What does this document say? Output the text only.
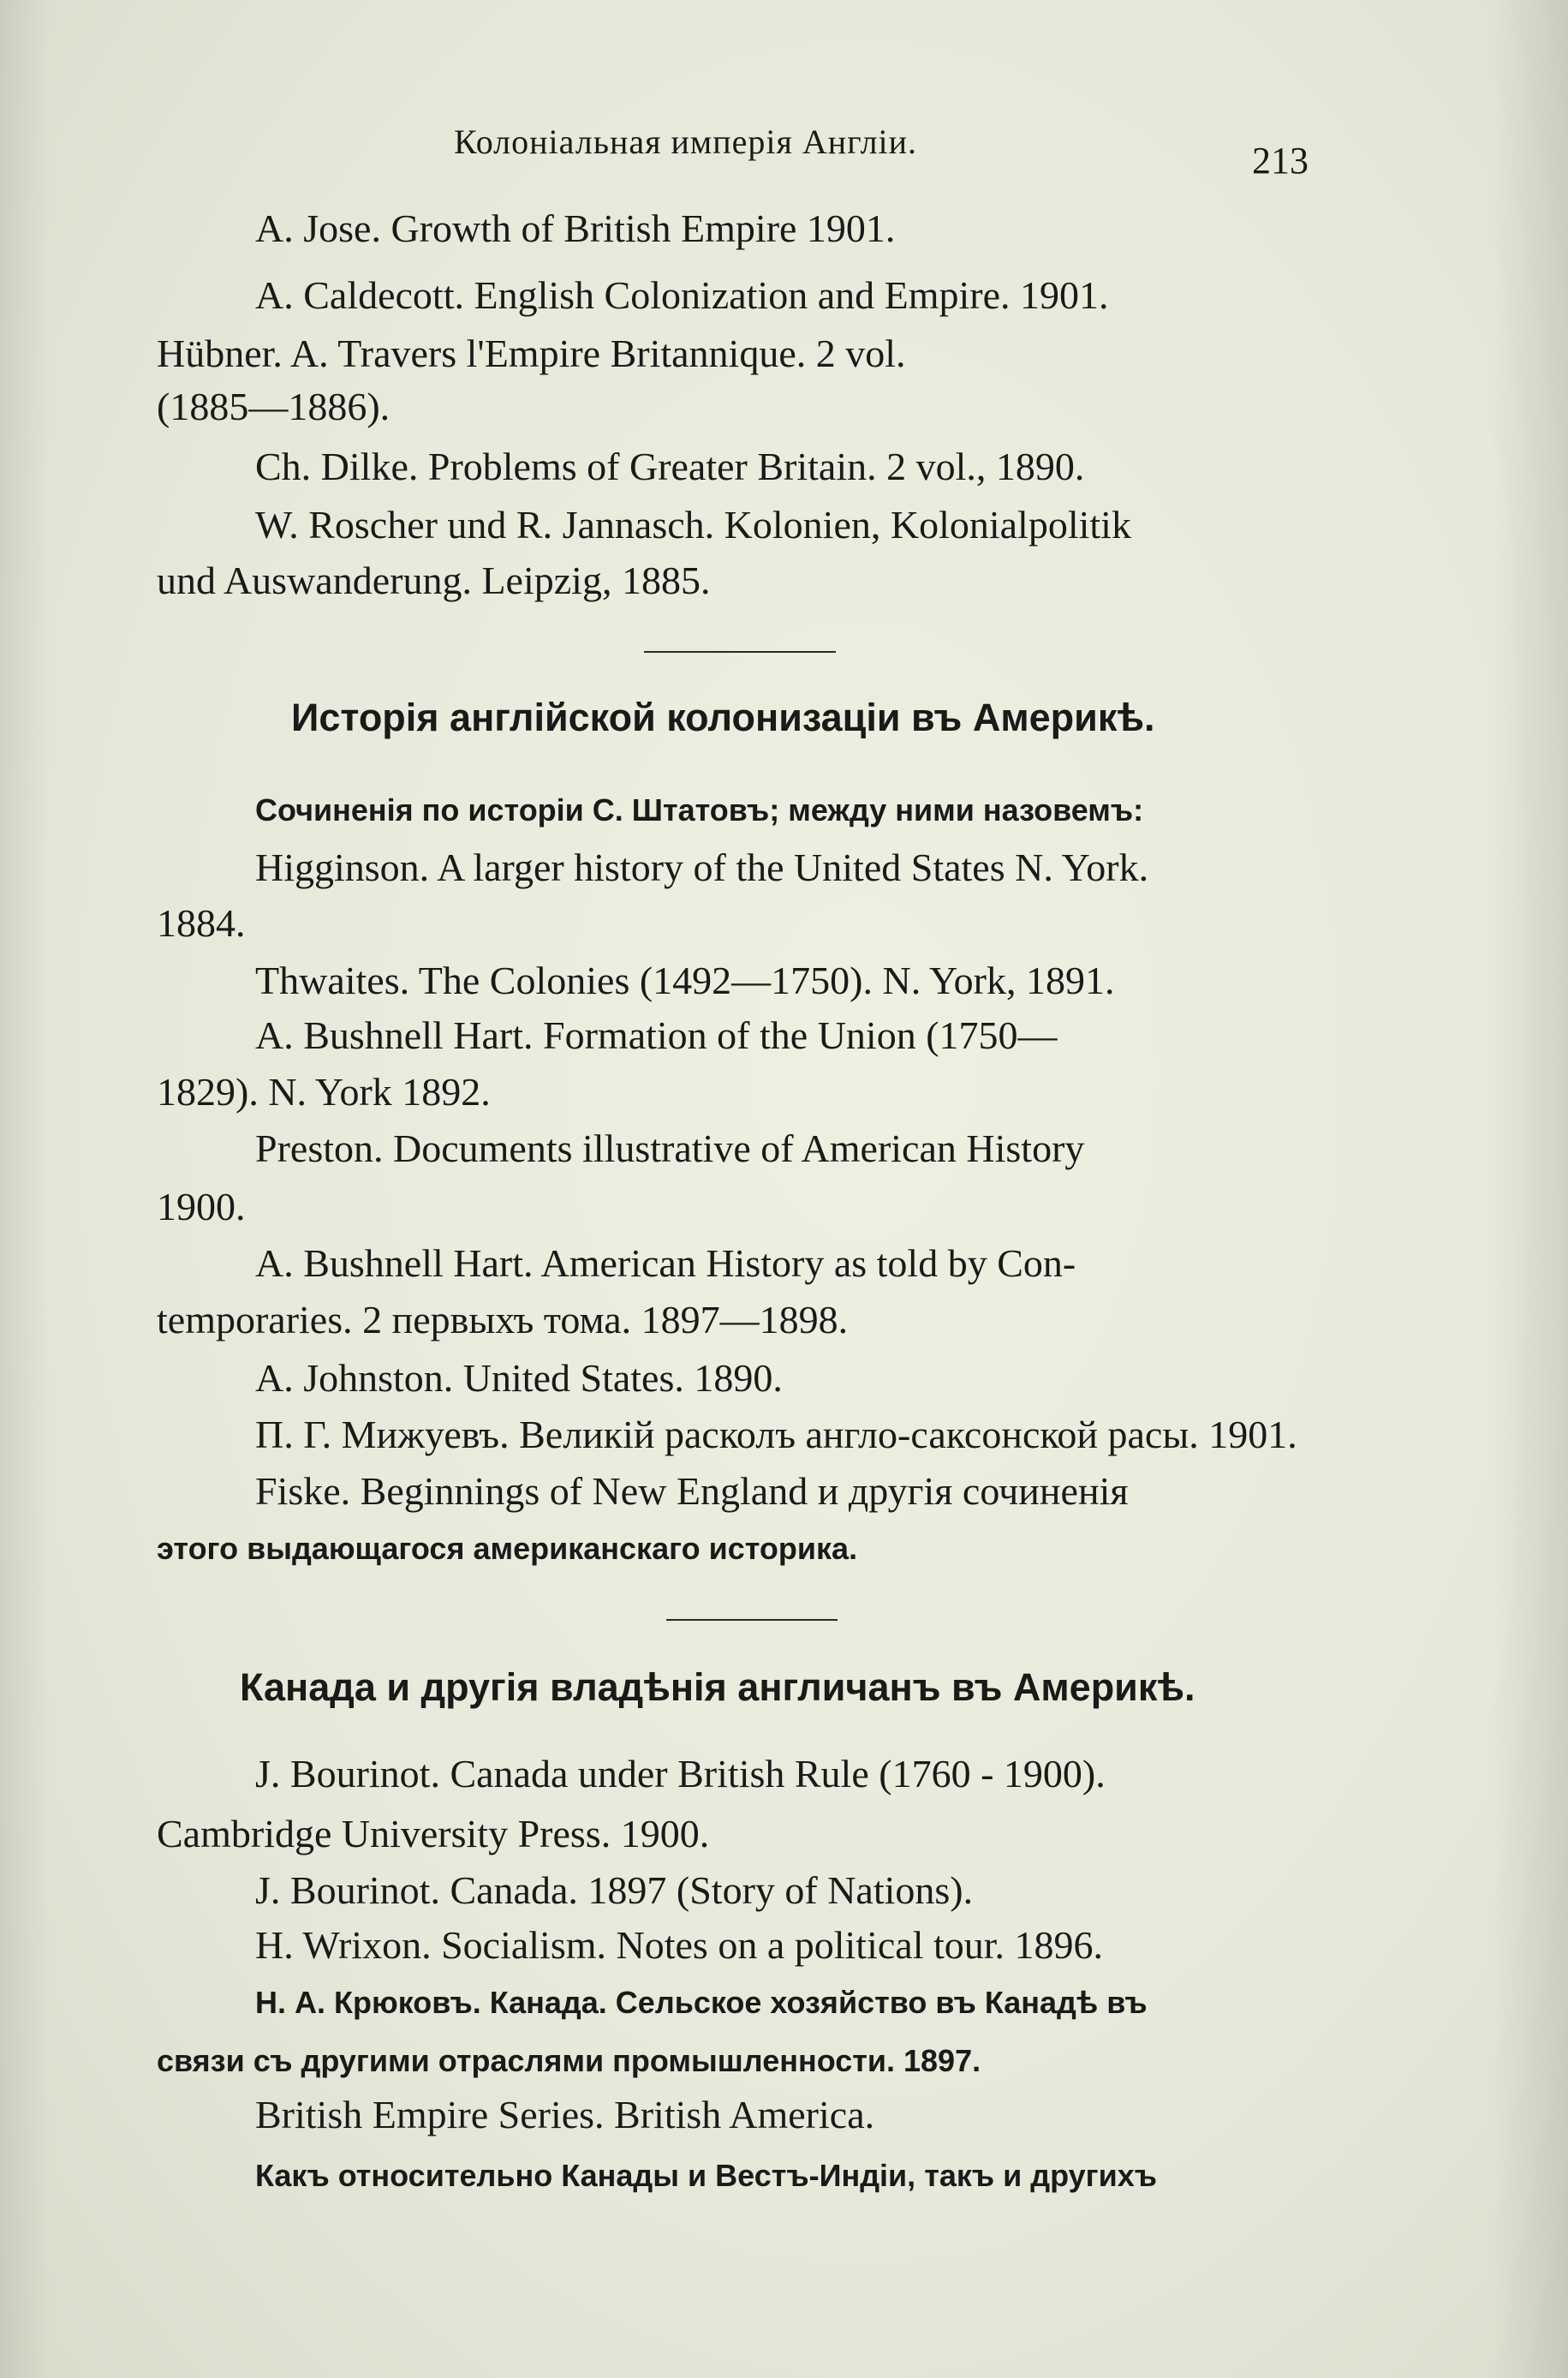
Колоніальная имперія Англіи.	213
A. Jose. Growth of British Empire 1901.
A. Caldecott. English Colonization and Empire. 1901.
Hübner. A. Travers l'Empire Britannique. 2 vol.
(1885—1886).
Ch. Dilke. Problems of Greater Britain. 2 vol., 1890.
W. Roscher und R. Jannasch. Kolonien, Kolonialpolitik
und Auswanderung. Leipzig, 1885.
Исторія англійской колонизаціи въ Америкѣ.
Сочиненія по исторіи С. Штатовъ; между ними назовемъ:
Higginson. A larger history of the United States N. York.
1884.
Thwaites. The Colonies (1492—1750). N. York, 1891.
A. Bushnell Hart. Formation of the Union (1750—
1829). N. York 1892.
Preston. Documents illustrative of American History
1900.
A. Bushnell Hart. American History as told by Con-
temporaries. 2 первыхъ тома. 1897—1898.
A. Johnston. United States. 1890.
П. Г. Мижуевъ. Великій расколъ англо-саксонской расы. 1901.
Fiske. Beginnings of New England и другія сочиненія
этого выдающагося американскаго историка.
Канада и другія владѣнія англичанъ въ Америкѣ.
J. Bourinot. Canada under British Rule (1760 - 1900).
Cambridge University Press. 1900.
J. Bourinot. Canada. 1897 (Story of Nations).
H. Wrixon. Socialism. Notes on a political tour. 1896.
Н. А. Крюковъ. Канада. Сельское хозяйство въ Канадѣ въ
связи съ другими отраслями промышленности. 1897.
British Empire Series. British America.
Какъ относительно Канады и Вестъ-Индіи, такъ и другихъ
